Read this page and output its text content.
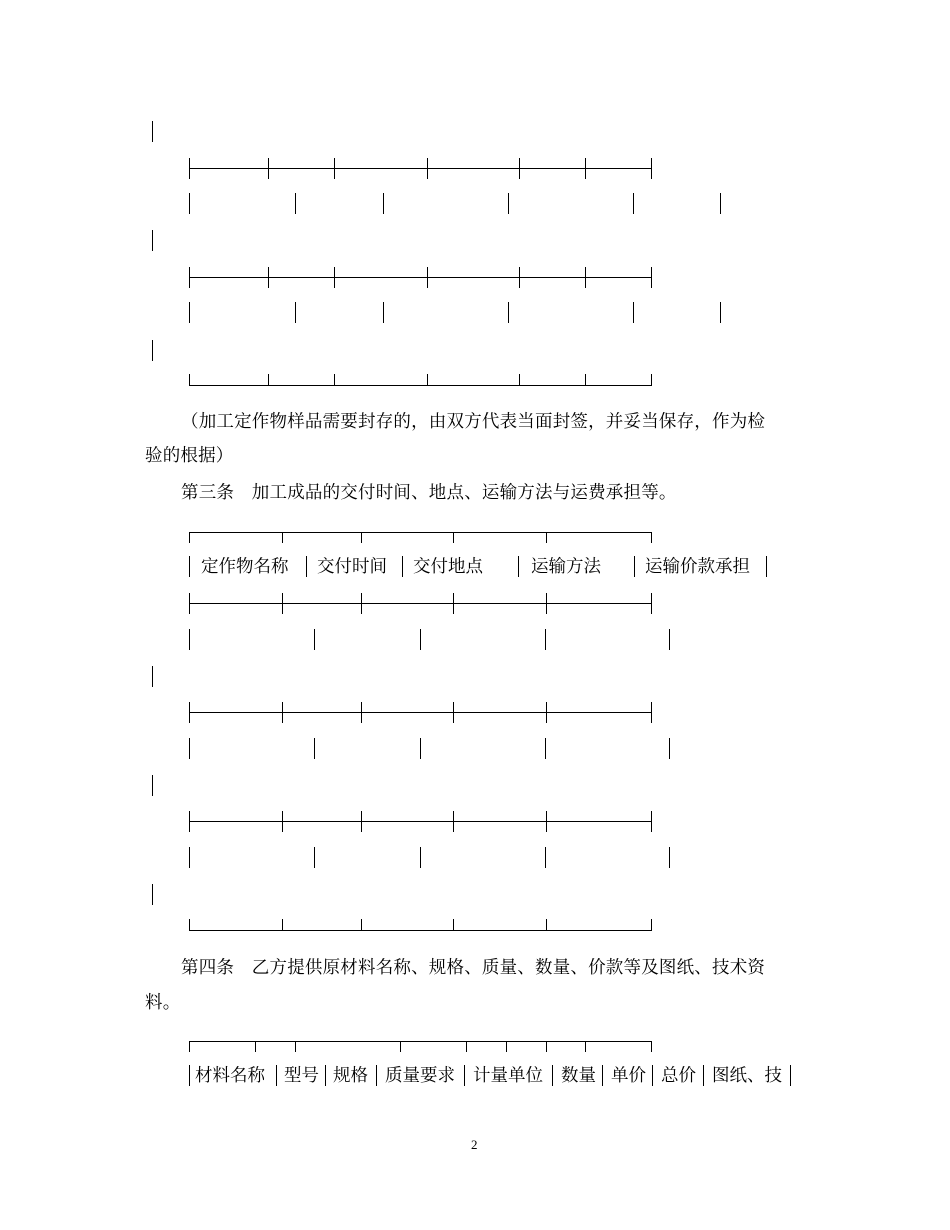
（加工定作物样品需要封存的，由双方代表当面封签，并妥当保存，作为检
验的根据）
第三条　加工成品的交付时间、地点、运输方法与运费承担等。
定作物名称 交付时间 交付地点	运输方法	运输价款承担
第四条　乙方提供原材料名称、规格、质量、数量、价款等及图纸、技术资
料。
材料名称 型号 规格 质量要求 计量单位 数量 单价 总价 图纸、技
2
